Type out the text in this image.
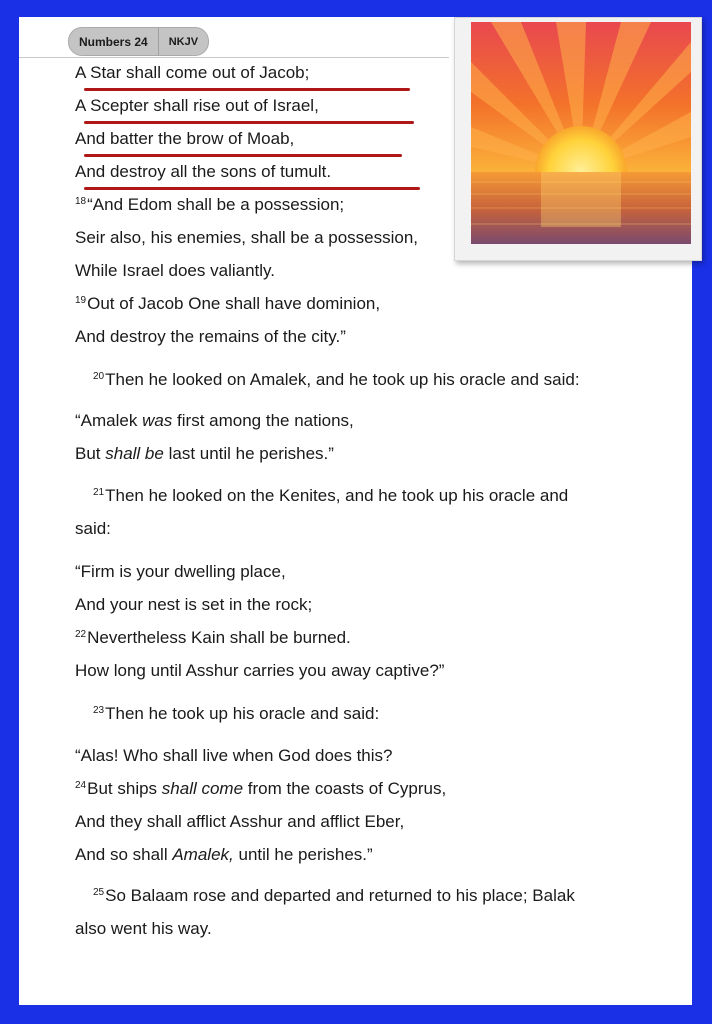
Numbers 24	NKJV
A Star shall come out of Jacob;
A Scepter shall rise out of Israel,
And batter the brow of Moab,
And destroy all the sons of tumult.
$^{18}$“And Edom shall be a possession;
Seir also, his enemies, shall be a possession,
While Israel does valiantly.
$^{19}$Out of Jacob One shall have dominion,
And destroy the remains of the city.”
$^{20}$Then he looked on Amalek, and he took up his oracle and said:
“Amalek was first among the nations,
But shall be last until he perishes.”
$^{21}$Then he looked on the Kenites, and he took up his oracle and
said:
“Firm is your dwelling place,
And your nest is set in the rock;
$^{22}$Nevertheless Kain shall be burned.
How long until Asshur carries you away captive?”
$^{23}$Then he took up his oracle and said:
“Alas! Who shall live when God does this?
$^{24}$But ships shall come from the coasts of Cyprus,
And they shall afflict Asshur and afflict Eber,
And so shall Amalek, until he perishes.”
$^{25}$So Balaam rose and departed and returned to his place; Balak
also went his way.
